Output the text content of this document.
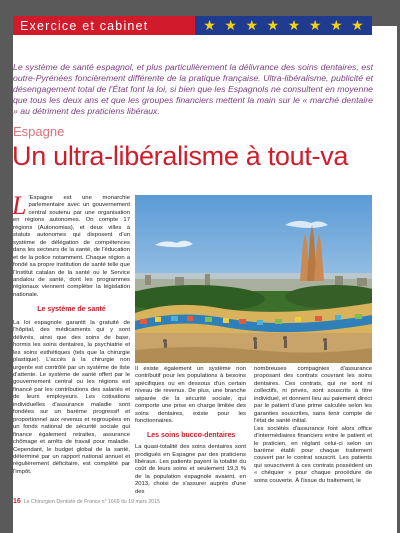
Exercice et cabinet	★ ★ ★ ★ ★ ★ ★ ★
Le système de santé espagnol, et plus particulièrement la délivrance des soins dentaires, est outre-Pyrénées foncièrement différente de la pratique française. Ultra-libéralisme, publicité et désengagement total de l'État font la loi, si bien que les Espagnols ne consultent en moyenne que tous les deux ans et que les groupes financiers mettent la main sur le « marché dentaire » au détriment des praticiens libéraux.
Espagne
Un ultra-libéralisme à tout-va

L 'Espagne est une monarchie parlementaire avec un gouvernement central soutenu par une organisation en régions autonomes. On compte 17 régions (Autonomias), et deux villes à statuts autonomes qui disposent d'un système de délégation de compétences dans les secteurs de la santé, de l'éducation et de la police notamment. Chaque région a fondé sa propre institution de santé telle que l'Institut catalan de la santé ou le Service andalou de santé, dont les programmes régionaux viennent compléter la législation nationale.

Le système de santé

La loi espagnole garantit la gratuité de l'hôpital, des médicaments qui y sont délivrés, ainsi que des soins de base, hormis les soins dentaires, la psychiatrie et les soins esthétiques (tels que la chirurgie plastique). L'accès à la chirurgie non urgente est contrôlé par un système de liste d'attente. Le système de santé offert par le gouvernement central ou les régions est financé par les contributions des salariés et de leurs employeurs. Les cotisations individuelles d'assurance maladie sont fondées sur un barème progressif et proportionnel aux revenus et regroupées en un fonds national de sécurité sociale qui finance également retraites, assurance chômage et arrêts de travail pour maladie. Cependant, le budget global de la santé, déterminé par un rapport national annuel et régulièrement déficitaire, est complété par l'impôt.

Il existe également un système non contributif pour les populations à besoins spécifiques ou en dessous d'un certain niveau de revenus. De plus, une branche séparée de la sécurité sociale, qui comporte une prise en charge limitée des soins dentaires, existe pour les fonctionnaires.

Les soins bucco-dentaires

La quasi-totalité des soins dentaires sont prodigués en Espagne par des praticiens libéraux. Les patients payent la totalité du coût de leurs soins et seulement 19,3 % de la population espagnole avaient, en 2013, choisi de s'assurer auprès d'une des

nombreuses compagnies d'assurance proposant des contrats couvrant les soins dentaires. Ces contrats, qui ne sont ni collectifs, ni privés, sont souscrits à titre individuel, et donnent lieu au paiement direct par le patient d'une prime calculée selon les garanties souscrites, sans tenir compte de l'état de santé initial.

Les sociétés d'assurance font alors office d'intermédiaires financiers entre le patient et le praticien, en réglant celui-ci selon un barème établi pour chaque traitement couvert par le contrat souscrit. Les patients qui souscrivent à ces contrats possèdent un « chéquier » pour chaque procédure de soins couverte. À l'issue du traitement, le

16 Le Chirurgien Dentiste de France n° 1669 du 19 mars 2015
